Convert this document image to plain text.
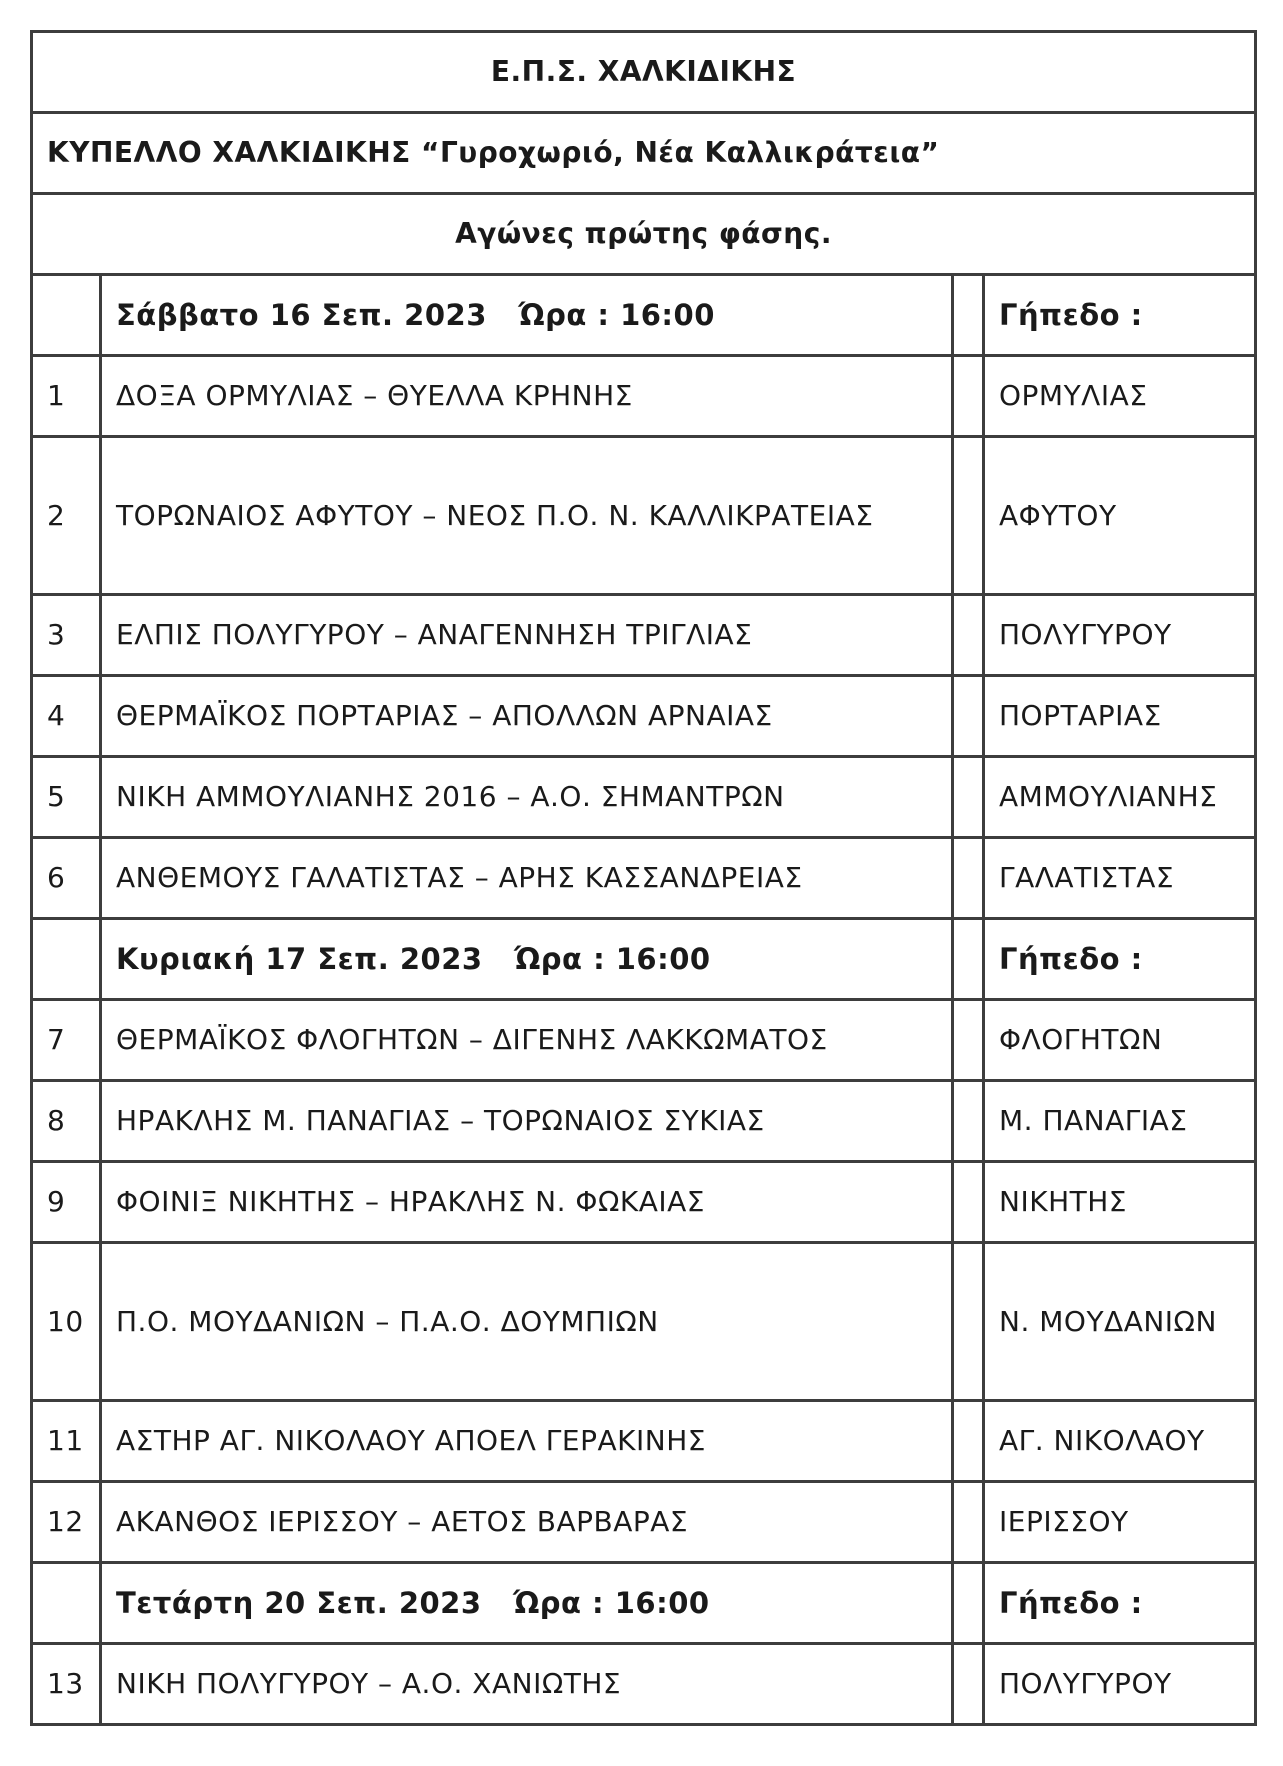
Ε.Π.Σ. ΧΑΛΚΙΔΙΚΗΣ			
ΚΥΠΕΛΛΟ ΧΑΛΚΙΔΙΚΗΣ “Γυροχωριό, Νέα Καλλικράτεια”			
Αγώνες πρώτης φάσης.			
	Σάββατο 16 Σεπ. 2023 Ώρα : 16:00		Γήπεδο :
1	ΔΟΞΑ ΟΡΜΥΛΙΑΣ – ΘΥΕΛΛΑ ΚΡΗΝΗΣ		ΟΡΜΥΛΙΑΣ
2	ΤΟΡΩΝΑΙΟΣ ΑΦΥΤΟΥ – ΝΕΟΣ Π.Ο. Ν. ΚΑΛΛΙΚΡΑΤΕΙΑΣ		ΑΦΥΤΟΥ
3	ΕΛΠΙΣ ΠΟΛΥΓΥΡΟΥ – ΑΝΑΓΕΝΝΗΣΗ ΤΡΙΓΛΙΑΣ		ΠΟΛΥΓΥΡΟΥ
4	ΘΕΡΜΑΪΚΟΣ ΠΟΡΤΑΡΙΑΣ – ΑΠΟΛΛΩΝ ΑΡΝΑΙΑΣ		ΠΟΡΤΑΡΙΑΣ
5	ΝΙΚΗ ΑΜΜΟΥΛΙΑΝΗΣ 2016 – Α.Ο. ΣΗΜΑΝΤΡΩΝ		ΑΜΜΟΥΛΙΑΝΗΣ
6	ΑΝΘΕΜΟΥΣ ΓΑΛΑΤΙΣΤΑΣ – ΑΡΗΣ ΚΑΣΣΑΝΔΡΕΙΑΣ		ΓΑΛΑΤΙΣΤΑΣ
	Κυριακή 17 Σεπ. 2023 Ώρα : 16:00		Γήπεδο :
7	ΘΕΡΜΑΪΚΟΣ ΦΛΟΓΗΤΩΝ – ΔΙΓΕΝΗΣ ΛΑΚΚΩΜΑΤΟΣ		ΦΛΟΓΗΤΩΝ
8	ΗΡΑΚΛΗΣ Μ. ΠΑΝΑΓΙΑΣ – ΤΟΡΩΝΑΙΟΣ ΣΥΚΙΑΣ		Μ. ΠΑΝΑΓΙΑΣ
9	ΦΟΙΝΙΞ ΝΙΚΗΤΗΣ – ΗΡΑΚΛΗΣ Ν. ΦΩΚΑΙΑΣ		ΝΙΚΗΤΗΣ
10	Π.Ο. ΜΟΥΔΑΝΙΩΝ – Π.Α.Ο. ΔΟΥΜΠΙΩΝ		Ν. ΜΟΥΔΑΝΙΩΝ
11	ΑΣΤΗΡ ΑΓ. ΝΙΚΟΛΑΟΥ ΑΠΟΕΛ ΓΕΡΑΚΙΝΗΣ		ΑΓ. ΝΙΚΟΛΑΟΥ
12	ΑΚΑΝΘΟΣ ΙΕΡΙΣΣΟΥ – ΑΕΤΟΣ ΒΑΡΒΑΡΑΣ		ΙΕΡΙΣΣΟΥ
	Τετάρτη 20 Σεπ. 2023 Ώρα : 16:00		Γήπεδο :
13	ΝΙΚΗ ΠΟΛΥΓΥΡΟΥ – Α.Ο. ΧΑΝΙΩΤΗΣ		ΠΟΛΥΓΥΡΟΥ
